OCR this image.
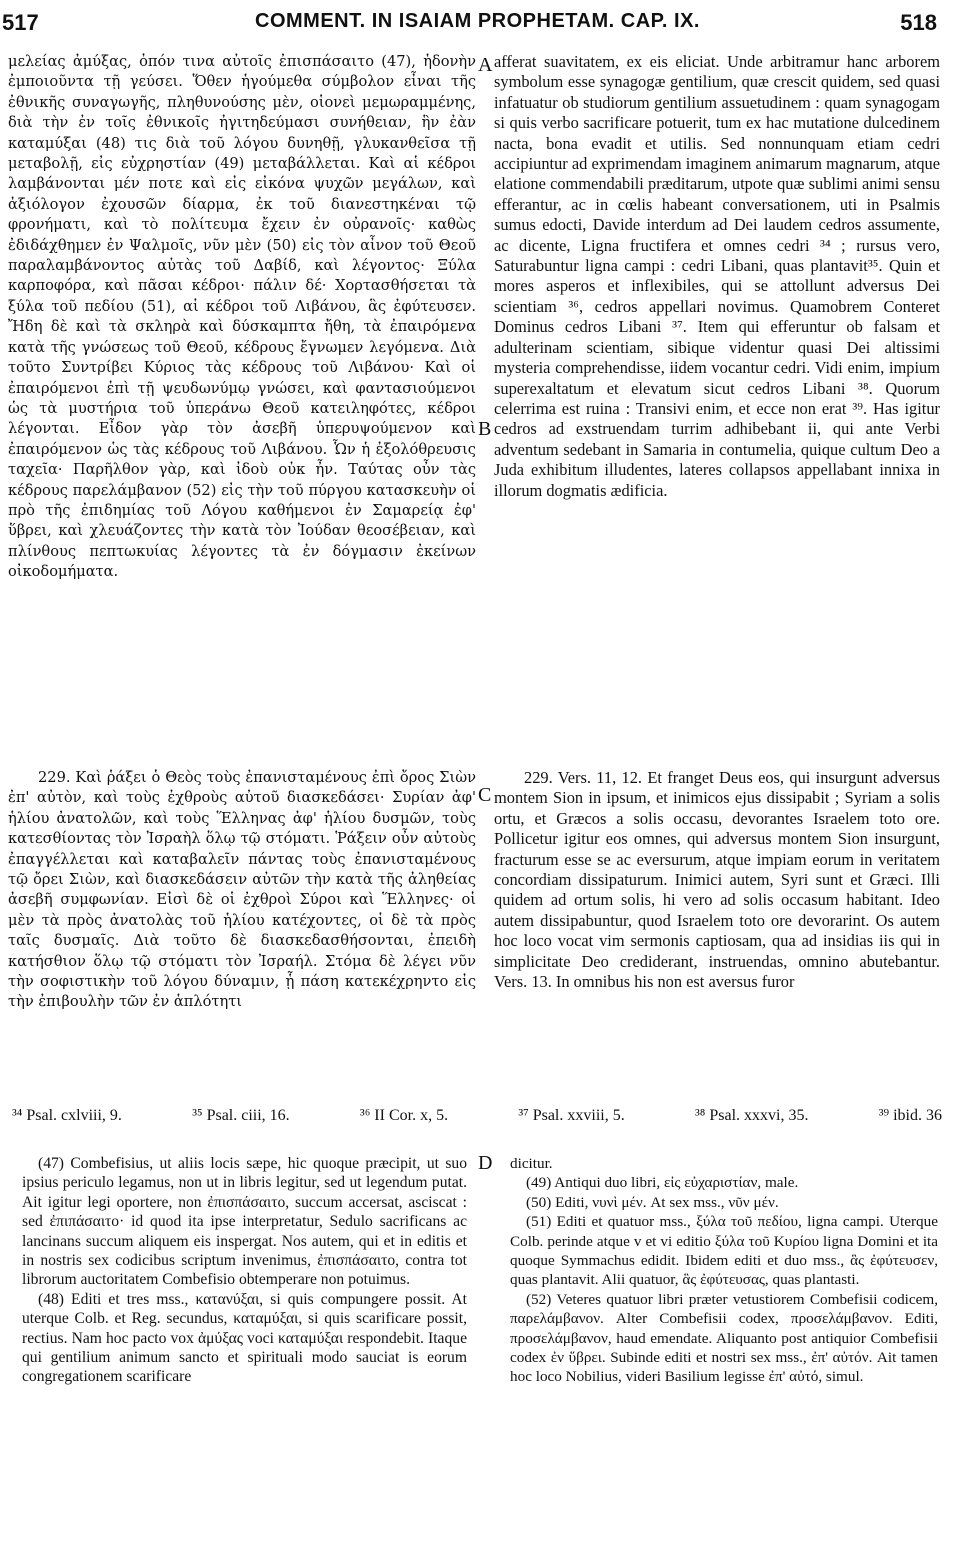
517	COMMENT. IN ISAIAM PROPHETAM. CAP. IX.	518

μελείας ἀμύξας, ὀπόν τινα αὐτοῖς ἐπισπάσαιτο (47), ἡδονὴν ἐμποιοῦντα τῇ γεύσει. Ὅθεν ἡγούμεθα σύμβολον εἶναι τῆς ἐθνικῆς συναγωγῆς, πληθυνούσης μὲν, οἱονεὶ μεμωραμμένης, διὰ τὴν ἐν τοῖς ἐθνικοῖς ἠγιτηδεύμασι συνήθειαν, ἣν ἐὰν καταμύξαι (48) τις διὰ τοῦ λόγου δυνηθῇ, γλυκανθεῖσα τῇ μεταβολῇ, εἰς εὐχρηστίαν (49) μεταβάλλεται. Καὶ αἱ κέδροι λαμβάνονται μέν ποτε καὶ εἰς εἰκόνα ψυχῶν μεγάλων, καὶ ἀξιόλογον ἐχουσῶν δίαρμα, ἐκ τοῦ διανεστηκέναι τῷ φρονήματι, καὶ τὸ πολίτευμα ἔχειν ἐν οὐρανοῖς· καθὼς ἐδιδάχθημεν ἐν Ψαλμοῖς, νῦν μὲν (50) εἰς τὸν αἶνον τοῦ Θεοῦ παραλαμβάνοντος αὐτὰς τοῦ Δαβίδ, καὶ λέγοντος· Ξύλα καρποφόρα, καὶ πᾶσαι κέδροι· πάλιν δέ· Χορτασθήσεται τὰ ξύλα τοῦ πεδίου (51), αἱ κέδροι τοῦ Λιβάνου, ἃς ἐφύτευσεν. Ἤδη δὲ καὶ τὰ σκληρὰ καὶ δύσκαμπτα ἤθη, τὰ ἐπαιρόμενα κατὰ τῆς γνώσεως τοῦ Θεοῦ, κέδρους ἔγνωμεν λεγόμενα. Διὰ τοῦτο Συντρίβει Κύριος τὰς κέδρους τοῦ Λιβάνου· Καὶ οἱ ἐπαιρόμενοι ἐπὶ τῇ ψευδωνύμῳ γνώσει, καὶ φαντασιούμενοι ὡς τὰ μυστήρια τοῦ ὑπεράνω Θεοῦ κατειληφότες, κέδροι λέγονται. Εἶδον γὰρ τὸν ἀσεβῆ ὑπερυψούμενον καὶ ἐπαιρόμενον ὡς τὰς κέδρους τοῦ Λιβάνου. Ὧν ἡ ἐξολόθρευσις ταχεῖα· Παρῆλθον γὰρ, καὶ ἰδοὺ οὐκ ἦν. Ταύτας οὖν τὰς κέδρους παρελάμβανον (52) εἰς τὴν τοῦ πύργου κατασκευὴν οἱ πρὸ τῆς ἐπιδημίας τοῦ Λόγου καθήμενοι ἐν Σαμαρείᾳ ἐφ' ὕβρει, καὶ χλευάζοντες τὴν κατὰ τὸν Ἰούδαν θεοσέβειαν, καὶ πλίνθους πεπτωκυίας λέγοντες τὰ ἐν δόγμασιν ἐκείνων οἰκοδομήματα.

afferat suavitatem, ex eis eliciat. Unde arbitramur hanc arborem symbolum esse synagogæ gentilium, quæ crescit quidem, sed quasi infatuatur ob studiorum gentilium assuetudinem : quam synagogam si quis verbo sacrificare potuerit, tum ex hac mutatione dulcedinem nacta, bona evadit et utilis. Sed nonnunquam etiam cedri accipiuntur ad exprimendam imaginem animarum magnarum, atque elatione commendabili præditarum, utpote quæ sublimi animi sensu efferantur, ac in cœlis habeant conversationem, uti in Psalmis sumus edocti, Davide interdum ad Dei laudem cedros assumente, ac dicente, Ligna fructifera et omnes cedri ³⁴ ; rursus vero, Saturabuntur ligna campi : cedri Libani, quas plantavit³⁵. Quin et mores asperos et inflexibiles, qui se attollunt adversus Dei scientiam ³⁶, cedros appellari novimus. Quamobrem Conteret Dominus cedros Libani ³⁷. Item qui efferuntur ob falsam et adulterinam scientiam, sibique videntur quasi Dei altissimi mysteria comprehendisse, iidem vocantur cedri. Vidi enim, impium superexaltatum et elevatum sicut cedros Libani ³⁸. Quorum celerrima est ruina : Transivi enim, et ecce non erat ³⁹. Has igitur cedros ad exstruendam turrim adhibebant ii, qui ante Verbi adventum sedebant in Samaria in contumelia, quique cultum Deo a Juda exhibitum illudentes, lateres collapsos appellabant innixa in illorum dogmatis ædificia.

A
B
C
D

229. Καὶ ῥάξει ὁ Θεὸς τοὺς ἐπανισταμένους ἐπὶ ὄρος Σιὼν ἐπ' αὐτὸν, καὶ τοὺς ἐχθροὺς αὐτοῦ διασκεδάσει· Συρίαν ἀφ' ἡλίου ἀνατολῶν, καὶ τοὺς Ἕλληνας ἀφ' ἡλίου δυσμῶν, τοὺς κατεσθίοντας τὸν Ἰσραὴλ ὅλῳ τῷ στόματι. Ῥάξειν οὖν αὐτοὺς ἐπαγγέλλεται καὶ καταβαλεῖν πάντας τοὺς ἐπανισταμένους τῷ ὄρει Σιὼν, καὶ διασκεδάσειν αὐτῶν τὴν κατὰ τῆς ἀληθείας ἀσεβῆ συμφωνίαν. Εἰσὶ δὲ οἱ ἐχθροὶ Σύροι καὶ Ἕλληνες· οἱ μὲν τὰ πρὸς ἀνατολὰς τοῦ ἡλίου κατέχοντες, οἱ δὲ τὰ πρὸς ταῖς δυσμαῖς. Διὰ τοῦτο δὲ διασκεδασθήσονται, ἐπειδὴ κατήσθιον ὅλῳ τῷ στόματι τὸν Ἰσραήλ. Στόμα δὲ λέγει νῦν τὴν σοφιστικὴν τοῦ λόγου δύναμιν, ᾗ πάση κατεκέχρηντο εἰς τὴν ἐπιβουλὴν τῶν ἐν ἁπλότητι

229. Vers. 11, 12. Et franget Deus eos, qui insurgunt adversus montem Sion in ipsum, et inimicos ejus dissipabit ; Syriam a solis ortu, et Græcos a solis occasu, devorantes Israelem toto ore. Pollicetur igitur eos omnes, qui adversus montem Sion insurgunt, fracturum esse se ac eversurum, atque impiam eorum in veritatem concordiam dissipaturum. Inimici autem, Syri sunt et Græci. Illi quidem ad ortum solis, hi vero ad solis occasum habitant. Ideo autem dissipabuntur, quod Israelem toto ore devorarint. Os autem hoc loco vocat vim sermonis captiosam, qua ad insidias iis qui in simplicitate Deo crediderant, instruendas, omnino abutebantur. Vers. 13. In omnibus his non est aversus furor

³⁴ Psal. cxlviii, 9.	³⁵ Psal. ciii, 16.	³⁶ II Cor. x, 5.	³⁷ Psal. xxviii, 5.	³⁸ Psal. xxxvi, 35.	³⁹ ibid. 36

(47) Combefisius, ut aliis locis sæpe, hic quoque præcipit, ut suo ipsius periculo legamus, non ut in libris legitur, sed ut legendum putat. Ait igitur legi oportere, non ἐπισπάσαιτο, succum accersat, asciscat : sed ἐπιπάσαιτο· id quod ita ipse interpretatur, Sedulo sacrificans ac lancinans succum aliquem eis inspergat. Nos autem, qui et in editis et in nostris sex codicibus scriptum invenimus, ἐπισπάσαιτο, contra tot librorum auctoritatem Combefisio obtemperare non potuimus.

(48) Editi et tres mss., κατανύξαι, si quis compungere possit. At uterque Colb. et Reg. secundus, καταμύξαι, si quis scarificare possit, rectius. Nam hoc pacto vox ἀμύξας voci καταμύξαι respondebit. Itaque qui gentilium animum sancto et spirituali modo sauciat is eorum congregationem scarificare

dicitur.

(49) Antiqui duo libri, εἰς εὐχαριστίαν, male.

(50) Editi, νυνὶ μέν. At sex mss., νῦν μέν.

(51) Editi et quatuor mss., ξύλα τοῦ πεδίου, ligna campi. Uterque Colb. perinde atque v et vi editio ξύλα τοῦ Κυρίου ligna Domini et ita quoque Symmachus edidit. Ibidem editi et duo mss., ἃς ἐφύτευσεν, quas plantavit. Alii quatuor, ἃς ἐφύτευσας, quas plantasti.

(52) Veteres quatuor libri præter vetustiorem Combefisii codicem, παρελάμβανον. Alter Combefisii codex, προσελάμβανον. Editi, προσελάμβανον, haud emendate. Aliquanto post antiquior Combefisii codex ἐν ὕβρει. Subinde editi et nostri sex mss., ἐπ' αὐτόν. Ait tamen hoc loco Nobilius, videri Basilium legisse ἐπ' αὐτό, simul.
